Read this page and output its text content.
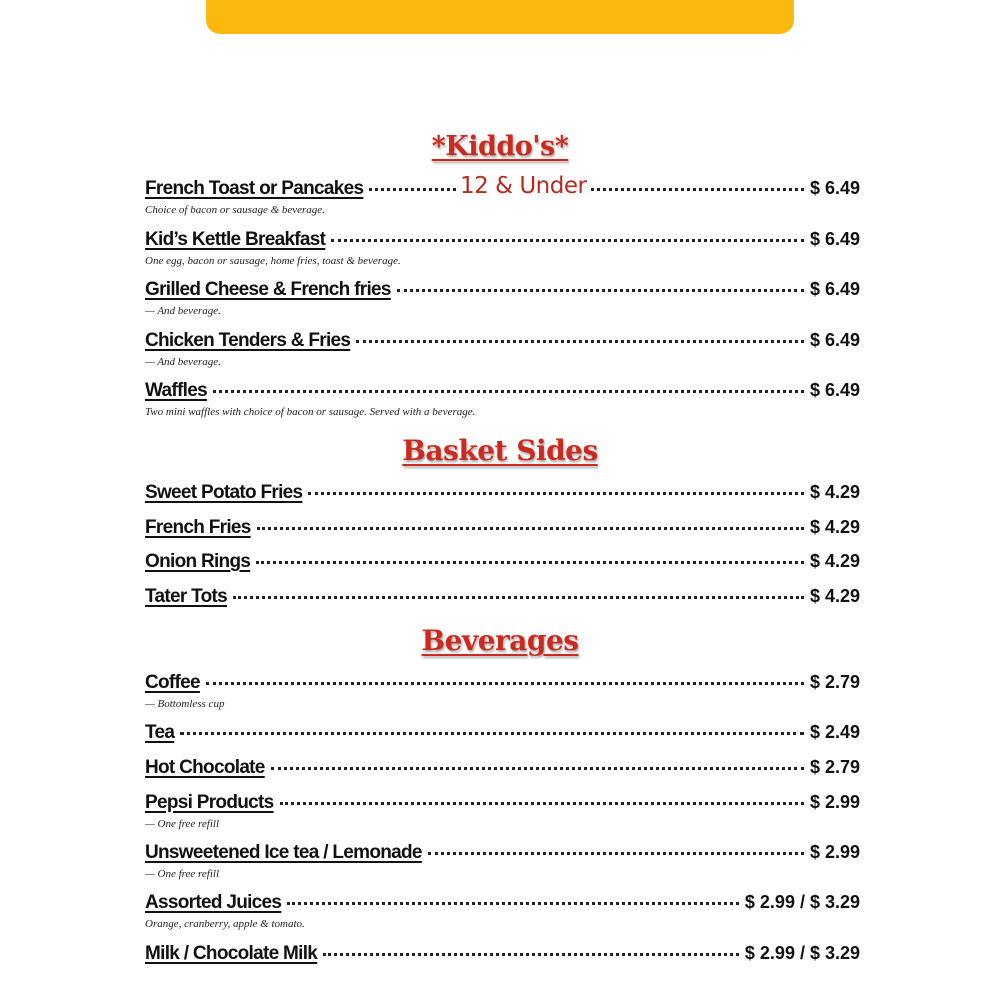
*Kiddo's*
French Toast or Pancakes	$ 6.49
Choice of bacon or sausage & beverage.
12 & Under
Kid’s Kettle Breakfast	$ 6.49
One egg, bacon or sausage, home fries, toast & beverage.
Grilled Cheese & French fries	$ 6.49
— And beverage.
Chicken Tenders & Fries	$ 6.49
— And beverage.
Waffles	$ 6.49
Two mini waffles with choice of bacon or sausage. Served with a beverage.
Basket Sides
Sweet Potato Fries	$ 4.29
French Fries	$ 4.29
Onion Rings	$ 4.29
Tater Tots	$ 4.29
Beverages
Coffee	$ 2.79
— Bottomless cup
Tea	$ 2.49
Hot Chocolate	$ 2.79
Pepsi Products	$ 2.99
— One free refill
Unsweetened Ice tea / Lemonade	$ 2.99
— One free refill
Assorted Juices	$ 2.99 / $ 3.29
Orange, cranberry, apple & tomato.
Milk / Chocolate Milk	$ 2.99 / $ 3.29
